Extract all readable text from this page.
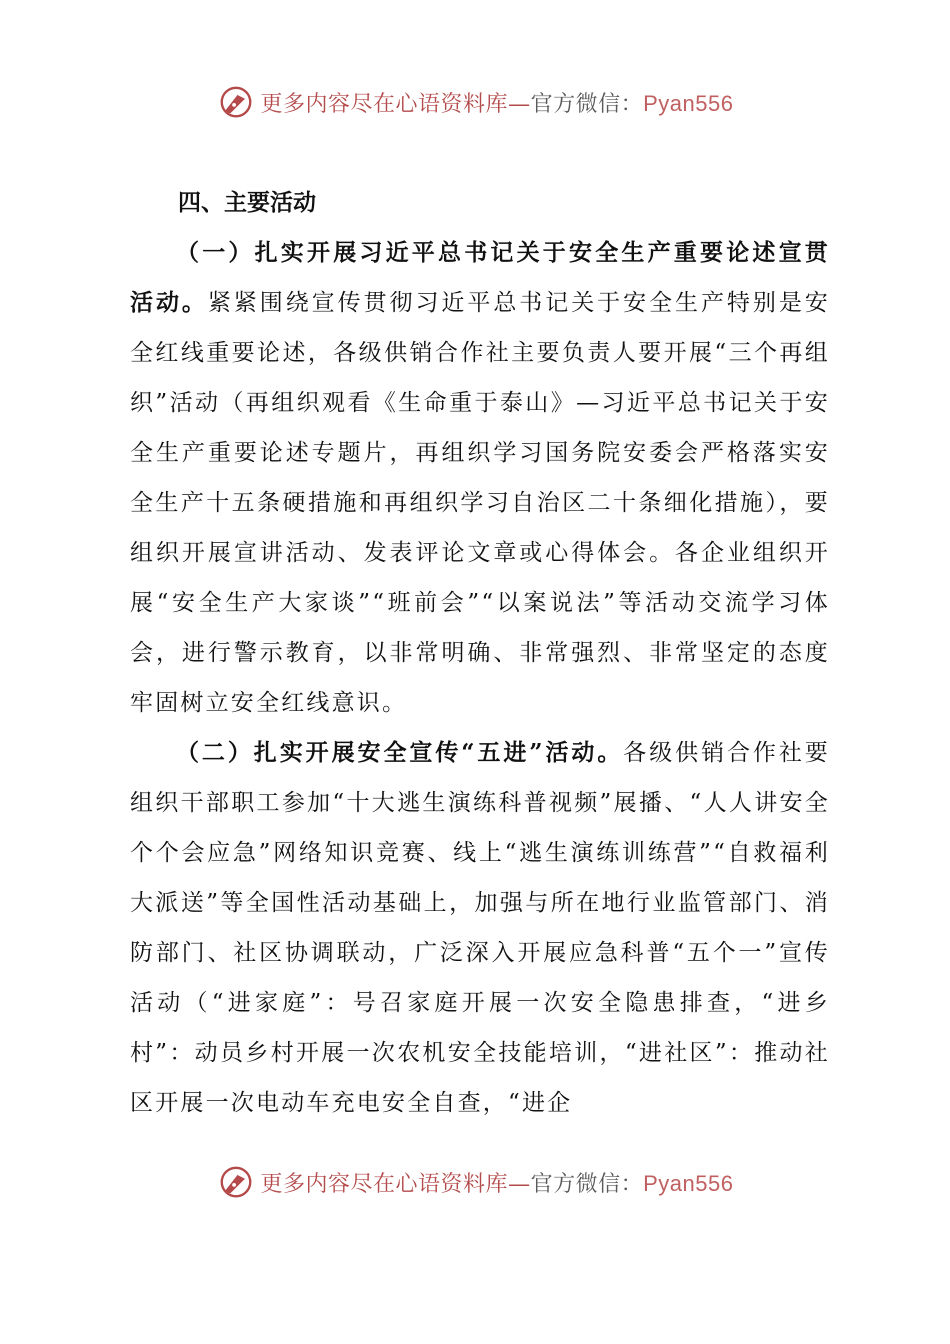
更多内容尽在心语资料库—官方微信：Pyan556

四、主要活动

（一）扎实开展习近平总书记关于安全生产重要论述宣贯活动。紧紧围绕宣传贯彻习近平总书记关于安全生产特别是安全红线重要论述，各级供销合作社主要负责人要开展“三个再组织”活动（再组织观看《生命重于泰山》—习近平总书记关于安全生产重要论述专题片，再组织学习国务院安委会严格落实安全生产十五条硬措施和再组织学习自治区二十条细化措施），要组织开展宣讲活动、发表评论文章或心得体会。各企业组织开展“安全生产大家谈”“班前会”“以案说法”等活动交流学习体会，进行警示教育，以非常明确、非常强烈、非常坚定的态度牢固树立安全红线意识。

（二）扎实开展安全宣传“五进”活动。各级供销合作社要组织干部职工参加“十大逃生演练科普视频”展播、“人人讲安全个个会应急”网络知识竞赛、线上“逃生演练训练营”“自救福利大派送”等全国性活动基础上，加强与所在地行业监管部门、消防部门、社区协调联动，广泛深入开展应急科普“五个一”宣传活动（“进家庭”：号召家庭开展一次安全隐患排查，“进乡村”：动员乡村开展一次农机安全技能培训，“进社区”：推动社区开展一次电动车充电安全自查，“进企

更多内容尽在心语资料库—官方微信：Pyan556
